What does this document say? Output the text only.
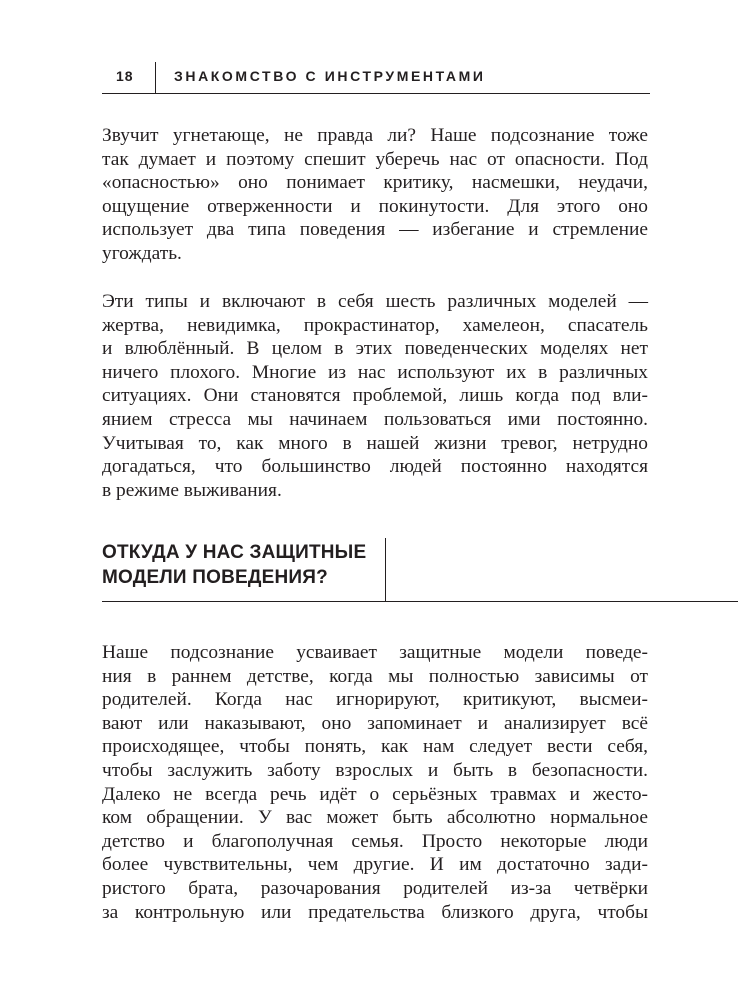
18	ЗНАКОМСТВО С ИНСТРУМЕНТАМИ

Звучит угнетающе, не правда ли? Наше подсознание тоже
так думает и поэтому спешит уберечь нас от опасности. Под
«опасностью» оно понимает критику, насмешки, неудачи,
ощущение отверженности и покинутости. Для этого оно
использует два типа поведения — избегание и стремление
угождать.

Эти типы и включают в себя шесть различных моделей —
жертва, невидимка, прокрастинатор, хамелеон, спасатель
и влюблённый. В целом в этих поведенческих моделях нет
ничего плохого. Многие из нас используют их в различных
ситуациях. Они становятся проблемой, лишь когда под вли-
янием стресса мы начинаем пользоваться ими постоянно.
Учитывая то, как много в нашей жизни тревог, нетрудно
догадаться, что большинство людей постоянно находятся
в режиме выживания.

ОТКУДА У НАС ЗАЩИТНЫЕ
МОДЕЛИ ПОВЕДЕНИЯ?

Наше подсознание усваивает защитные модели поведе-
ния в раннем детстве, когда мы полностью зависимы от
родителей. Когда нас игнорируют, критикуют, высмеи-
вают или наказывают, оно запоминает и анализирует всё
происходящее, чтобы понять, как нам следует вести себя,
чтобы заслужить заботу взрослых и быть в безопасности.
Далеко не всегда речь идёт о серьёзных травмах и жесто-
ком обращении. У вас может быть абсолютно нормальное
детство и благополучная семья. Просто некоторые люди
более чувствительны, чем другие. И им достаточно зади-
ристого брата, разочарования родителей из-за четвёрки
за контрольную или предательства близкого друга, чтобы
